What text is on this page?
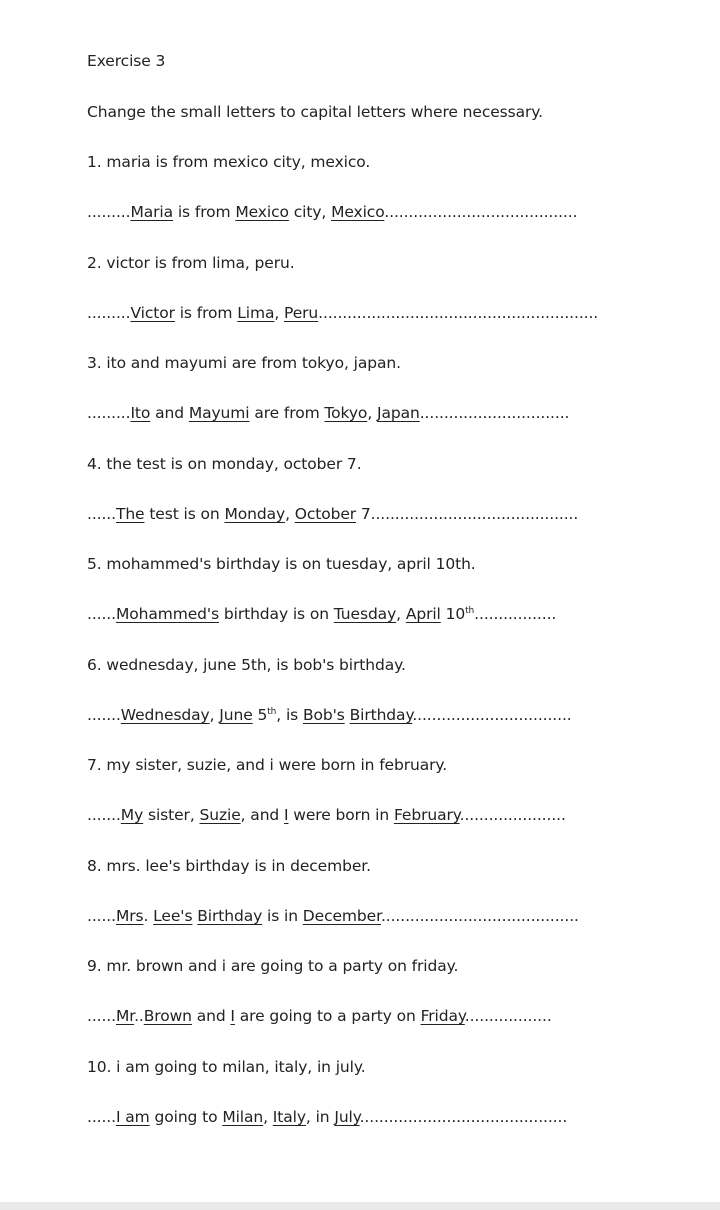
Exercise 3
Change the small letters to capital letters where necessary.
1. maria is from mexico city, mexico.
.........Maria is from Mexico city, Mexico........................................
2. victor is from lima, peru.
.........Victor is from Lima, Peru..........................................................
3. ito and mayumi are from tokyo, japan.
.........Ito and Mayumi are from Tokyo, Japan...............................
4. the test is on monday, october 7.
......The test is on Monday, October 7...........................................
5. mohammed's birthday is on tuesday, april 10th.
......Mohammed's birthday is on Tuesday, April 10th.................
6. wednesday, june 5th, is bob's birthday.
.......Wednesday, June 5th, is Bob's Birthday.................................
7. my sister, suzie, and i were born in february.
.......My sister, Suzie, and I were born in February......................
8. mrs. lee's birthday is in december.
......Mrs. Lee's Birthday is in December.........................................
9. mr. brown and i are going to a party on friday.
......Mr..Brown and I are going to a party on Friday..................
10. i am going to milan, italy, in july.
......I am going to Milan, Italy, in July...........................................
